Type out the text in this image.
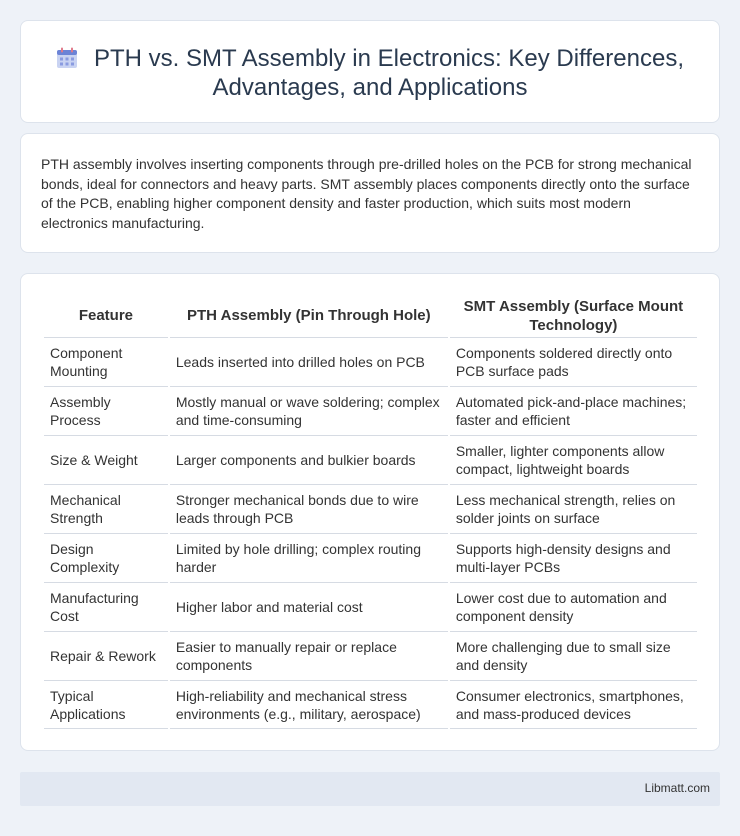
PTH vs. SMT Assembly in Electronics: Key Differences, Advantages, and Applications

PTH assembly involves inserting components through pre-drilled holes on the PCB for strong mechanical bonds, ideal for connectors and heavy parts. SMT assembly places components directly onto the surface of the PCB, enabling higher component density and faster production, which suits most modern electronics manufacturing.

Feature	PTH Assembly (Pin Through Hole)	SMT Assembly (Surface Mount Technology)
Component Mounting	Leads inserted into drilled holes on PCB	Components soldered directly onto PCB surface pads
Assembly Process	Mostly manual or wave soldering; complex and time-consuming	Automated pick-and-place machines; faster and efficient
Size & Weight	Larger components and bulkier boards	Smaller, lighter components allow compact, lightweight boards
Mechanical Strength	Stronger mechanical bonds due to wire leads through PCB	Less mechanical strength, relies on solder joints on surface
Design Complexity	Limited by hole drilling; complex routing harder	Supports high-density designs and multi-layer PCBs
Manufacturing Cost	Higher labor and material cost	Lower cost due to automation and component density
Repair & Rework	Easier to manually repair or replace components	More challenging due to small size and density
Typical Applications	High-reliability and mechanical stress environments (e.g., military, aerospace)	Consumer electronics, smartphones, and mass-produced devices
Libmatt.com
